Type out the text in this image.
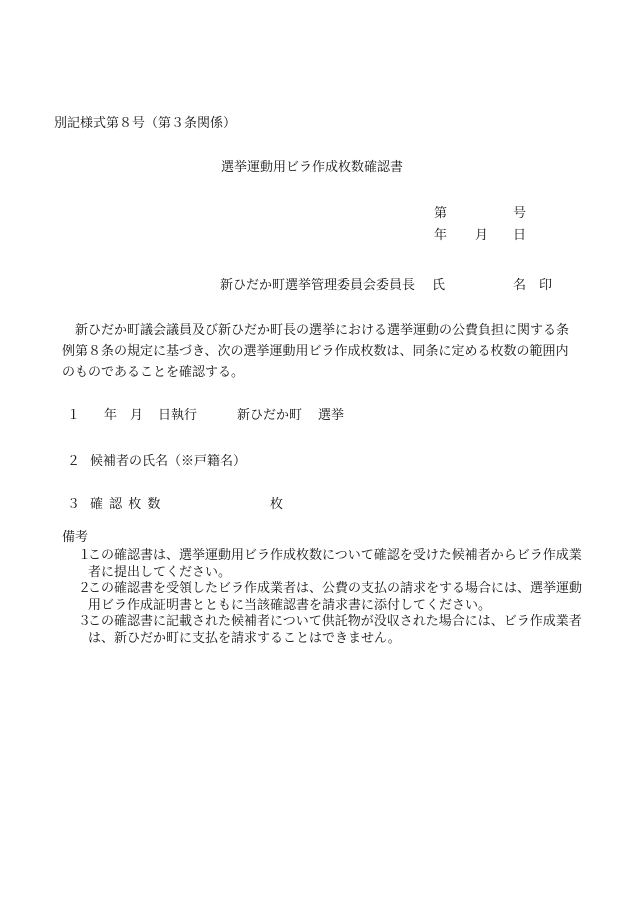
別記様式第８号（第３条関係）
選挙運動用ビラ作成枚数確認書
第	号
年 月 日
新ひだか町選挙管理委員会委員長 氏	名 印
新ひだか町議会議員及び新ひだか町長の選挙における選挙運動の公費負担に関する条例第８条の規定に基づき、次の選挙運動用ビラ作成枚数は、同条に定める枚数の範囲内のものであることを確認する。
１ 年 月 日執行	新ひだか町 選挙
２ 候補者の氏名（※戸籍名）
３ 確 認 枚 数	枚
備考
１
この確認書は、選挙運動用ビラ作成枚数について確認を受けた候補者からビラ作成業者に提出してください。
２
この確認書を受領したビラ作成業者は、公費の支払の請求をする場合には、選挙運動用ビラ作成証明書とともに当該確認書を請求書に添付してください。
３
この確認書に記載された候補者について供託物が没収された場合には、ビラ作成業者は、新ひだか町に支払を請求することはできません。
